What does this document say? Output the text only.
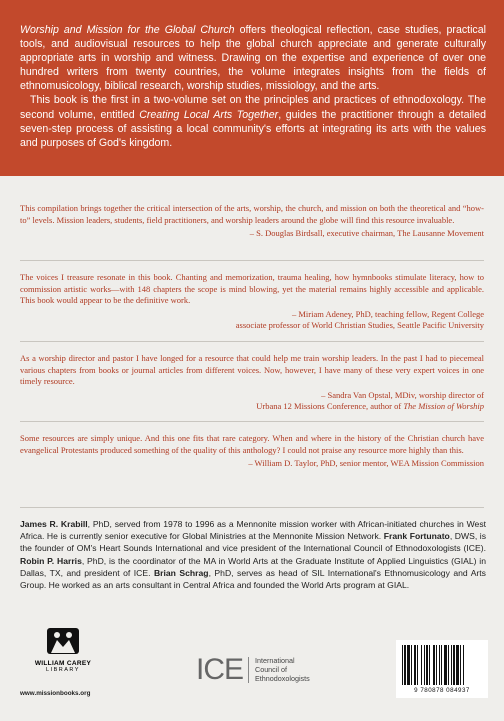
Worship and Mission for the Global Church offers theological reflection, case studies, practical tools, and audiovisual resources to help the global church appreciate and generate culturally appropriate arts in worship and witness. Drawing on the expertise and experience of over one hundred writers from twenty countries, the volume integrates insights from the fields of ethnomusicology, biblical research, worship studies, missiology, and the arts.

This book is the first in a two-volume set on the principles and practices of ethnodoxology. The second volume, entitled Creating Local Arts Together, guides the practitioner through a detailed seven-step process of assisting a local community's efforts at integrating its arts with the values and purposes of God's kingdom.

This compilation brings together the critical intersection of the arts, worship, the church, and mission on both the theoretical and “how-to” levels. Mission leaders, students, field practitioners, and worship leaders around the globe will find this resource invaluable.

– S. Douglas Birdsall, executive chairman, The Lausanne Movement

The voices I treasure resonate in this book. Chanting and memorization, trauma healing, how hymnbooks stimulate literacy, how to commission artistic works—with 148 chapters the scope is mind blowing, yet the material remains highly accessible and applicable. This book would appear to be the definitive work.

– Miriam Adeney, PhD, teaching fellow, Regent College

associate professor of World Christian Studies, Seattle Pacific University

As a worship director and pastor I have longed for a resource that could help me train worship leaders. In the past I had to piecemeal various chapters from books or journal articles from different voices. Now, however, I have many of these very expert voices in one timely resource.

– Sandra Van Opstal, MDiv, worship director of

Urbana 12 Missions Conference, author of The Mission of Worship

Some resources are simply unique. And this one fits that rare category. When and where in the history of the Christian church have evangelical Protestants produced something of the quality of this anthology? I could not praise any resource more highly than this.

– William D. Taylor, PhD, senior mentor, WEA Mission Commission

James R. Krabill, PhD, served from 1978 to 1996 as a Mennonite mission worker with African-initiated churches in West Africa. He is currently senior executive for Global Ministries at the Mennonite Mission Network. Frank Fortunato, DWS, is the founder of OM's Heart Sounds International and vice president of the International Council of Ethnodoxologists (ICE). Robin P. Harris, PhD, is the coordinator of the MA in World Arts at the Graduate Institute of Applied Linguistics (GIAL) in Dallas, TX, and president of ICE. Brian Schrag, PhD, serves as head of SIL International's Ethnomusicology and Arts Group. He worked as an arts consultant in Central Africa and founded the World Arts program at GIAL.

WILLIAM CAREY
LIBRARY
www.missionbooks.org
ICE International
Council of
Ethnodoxologists
9 780878 084937
